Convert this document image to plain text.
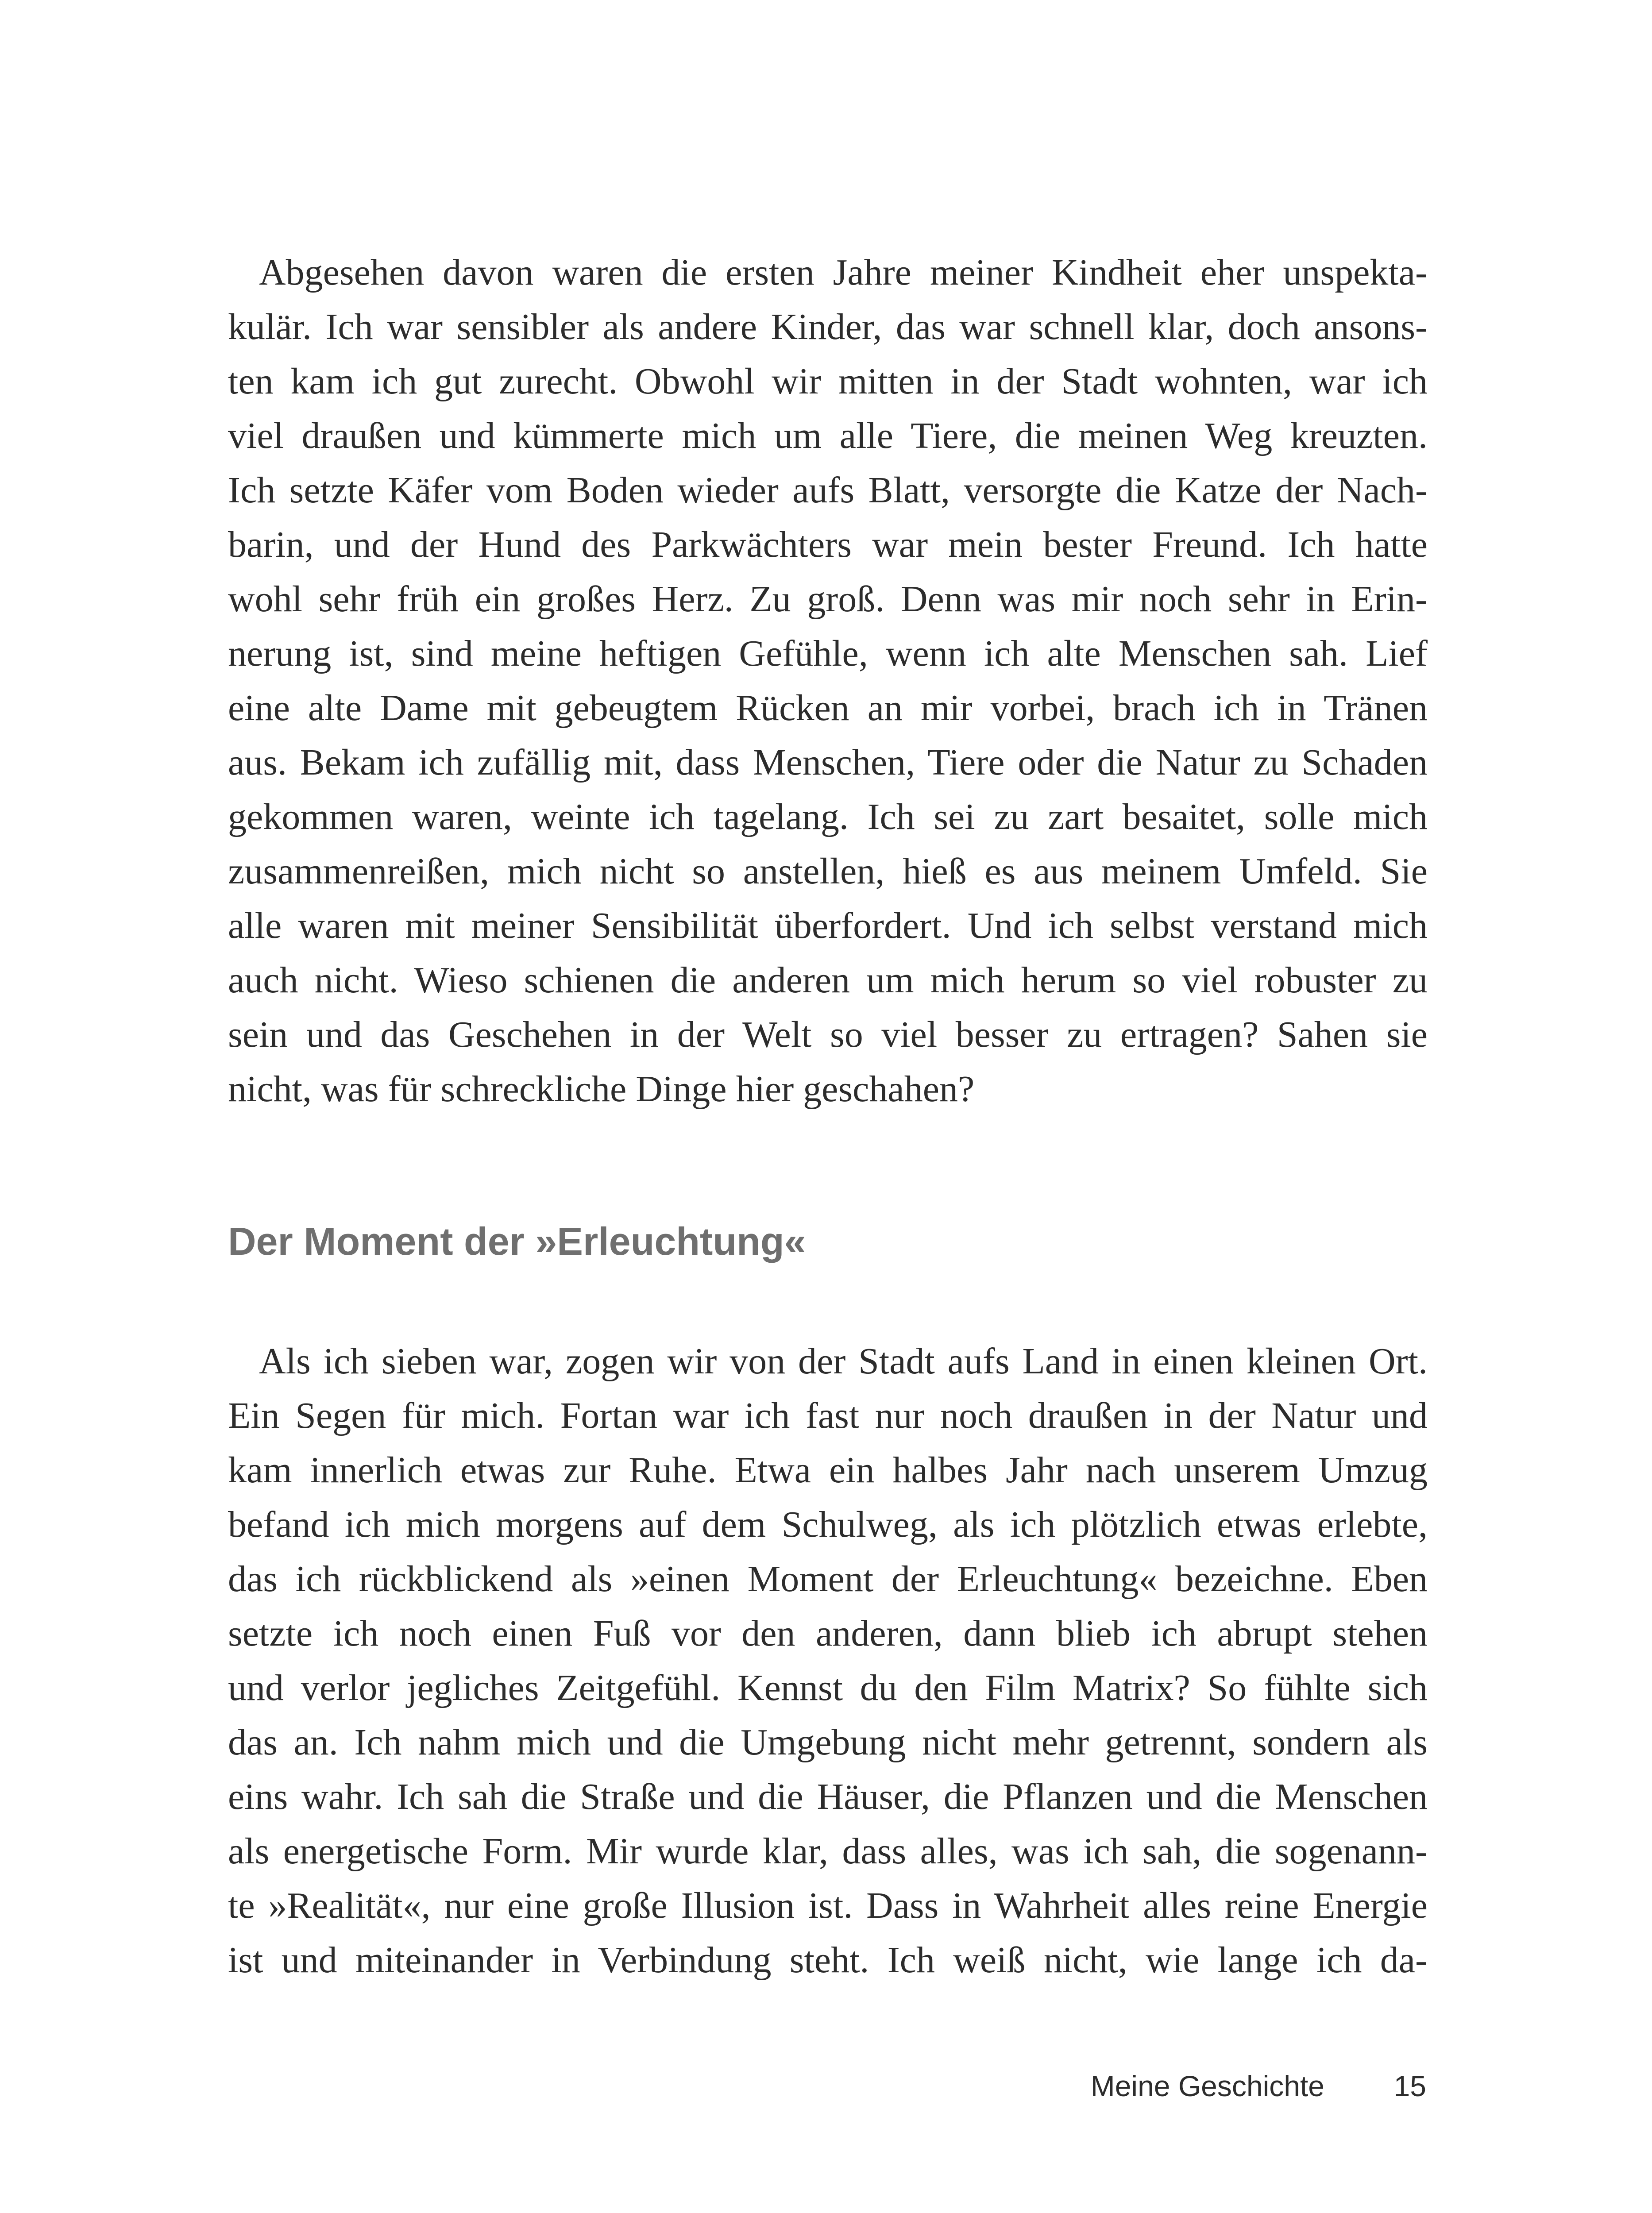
Abgesehen davon waren die ersten Jahre meiner Kindheit eher unspekta-
kulär. Ich war sensibler als andere Kinder, das war schnell klar, doch ansons-
ten kam ich gut zurecht. Obwohl wir mitten in der Stadt wohnten, war ich
viel draußen und kümmerte mich um alle Tiere, die meinen Weg kreuzten.
Ich setzte Käfer vom Boden wieder aufs Blatt, versorgte die Katze der Nach-
barin, und der Hund des Parkwächters war mein bester Freund. Ich hatte
wohl sehr früh ein großes Herz. Zu groß. Denn was mir noch sehr in Erin-
nerung ist, sind meine heftigen Gefühle, wenn ich alte Menschen sah. Lief
eine alte Dame mit gebeugtem Rücken an mir vorbei, brach ich in Tränen
aus. Bekam ich zufällig mit, dass Menschen, Tiere oder die Natur zu Schaden
gekommen waren, weinte ich tagelang. Ich sei zu zart besaitet, solle mich
zusammenreißen, mich nicht so anstellen, hieß es aus meinem Umfeld. Sie
alle waren mit meiner Sensibilität überfordert. Und ich selbst verstand mich
auch nicht. Wieso schienen die anderen um mich herum so viel robuster zu
sein und das Geschehen in der Welt so viel besser zu ertragen? Sahen sie
nicht, was für schreckliche Dinge hier geschahen?
Der Moment der »Erleuchtung«
Als ich sieben war, zogen wir von der Stadt aufs Land in einen kleinen Ort.
Ein Segen für mich. Fortan war ich fast nur noch draußen in der Natur und
kam innerlich etwas zur Ruhe. Etwa ein halbes Jahr nach unserem Umzug
befand ich mich morgens auf dem Schulweg, als ich plötzlich etwas erlebte,
das ich rückblickend als »einen Moment der Erleuchtung« bezeichne. Eben
setzte ich noch einen Fuß vor den anderen, dann blieb ich abrupt stehen
und verlor jegliches Zeitgefühl. Kennst du den Film Matrix? So fühlte sich
das an. Ich nahm mich und die Umgebung nicht mehr getrennt, sondern als
eins wahr. Ich sah die Straße und die Häuser, die Pflanzen und die Menschen
als energetische Form. Mir wurde klar, dass alles, was ich sah, die sogenann-
te »Realität«, nur eine große Illusion ist. Dass in Wahrheit alles reine Energie
ist und miteinander in Verbindung steht. Ich weiß nicht, wie lange ich da-
Meine Geschichte 15
